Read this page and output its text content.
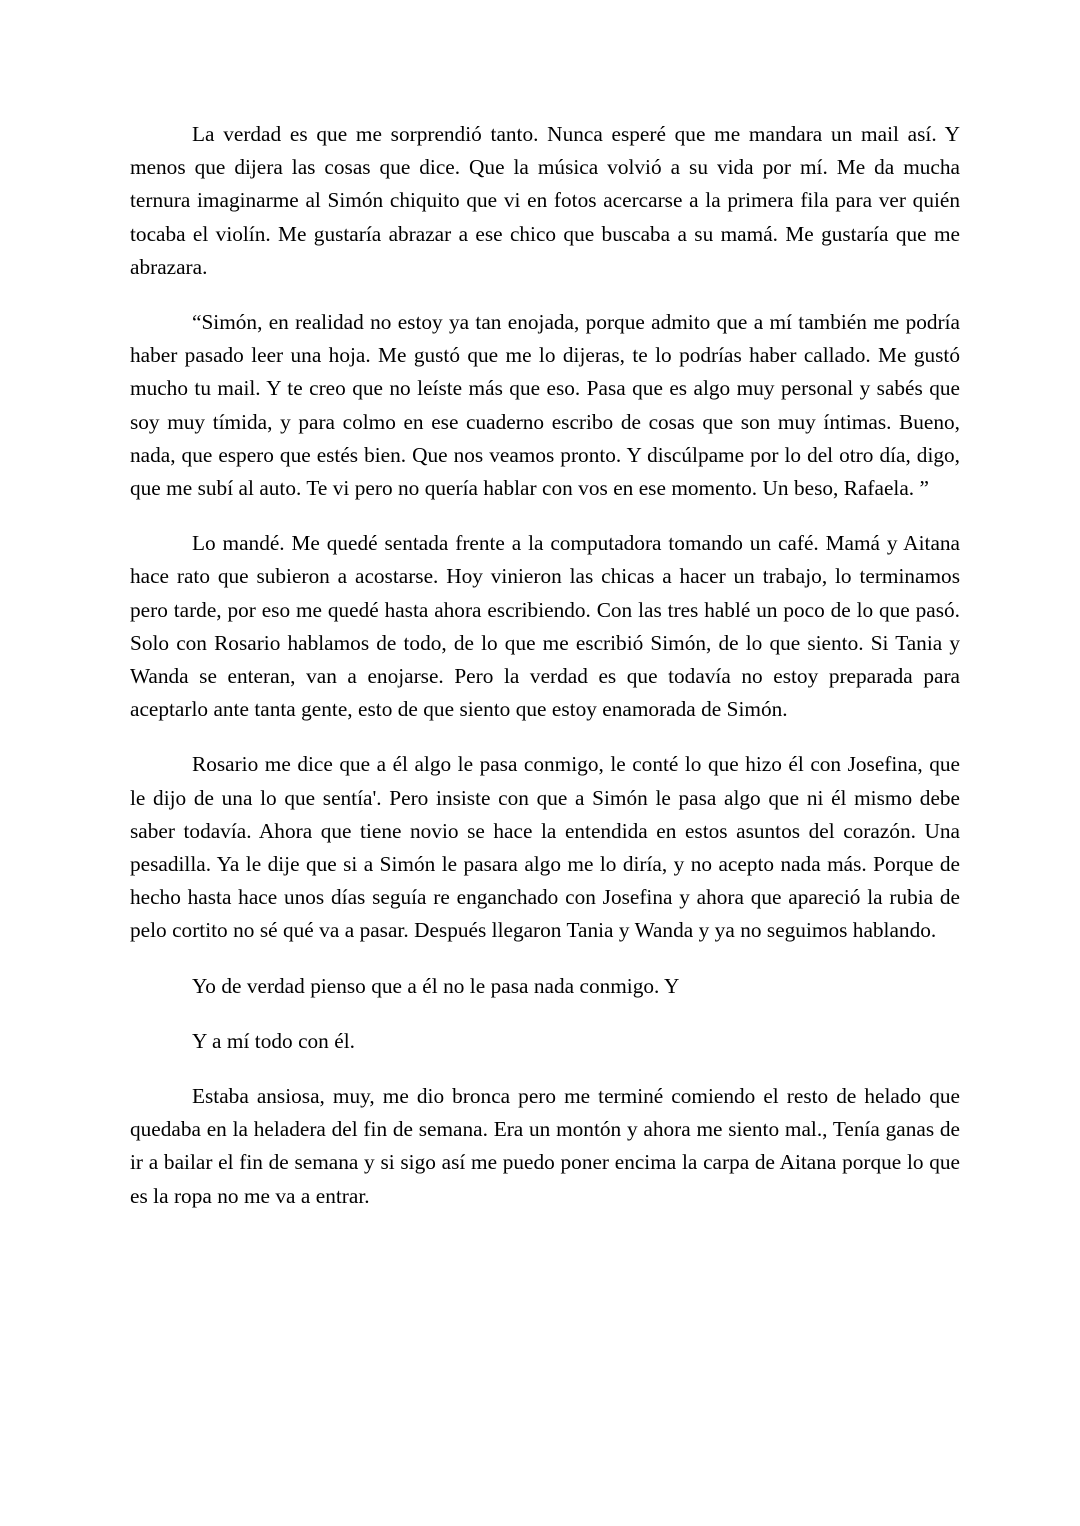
La verdad es que me sorprendió tanto. Nunca esperé que me mandara un mail así. Y menos que dijera las cosas que dice. Que la música volvió a su vida por mí. Me da mucha ternura imaginarme al Simón chiquito que vi en fotos acercarse a la primera fila para ver quién tocaba el violín. Me gustaría abrazar a ese chico que buscaba a su mamá. Me gustaría que me abrazara.

“Simón, en realidad no estoy ya tan enojada, porque admito que a mí también me podría haber pasado leer una hoja. Me gustó que me lo dijeras, te lo podrías haber callado. Me gustó mucho tu mail. Y te creo que no leíste más que eso. Pasa que es algo muy personal y sabés que soy muy tímida, y para colmo en ese cuaderno escribo de cosas que son muy íntimas. Bueno, nada, que espero que estés bien. Que nos veamos pronto. Y discúlpame por lo del otro día, digo, que me subí al auto. Te vi pero no quería hablar con vos en ese momento. Un beso, Rafaela. ”

Lo mandé. Me quedé sentada frente a la computadora tomando un café. Mamá y Aitana hace rato que subieron a acostarse. Hoy vinieron las chicas a hacer un trabajo, lo terminamos pero tarde, por eso me quedé hasta ahora escribiendo. Con las tres hablé un poco de lo que pasó. Solo con Rosario hablamos de todo, de lo que me escribió Simón, de lo que siento. Si Tania y Wanda se enteran, van a enojarse. Pero la verdad es que todavía no estoy preparada para aceptarlo ante tanta gente, esto de que siento que estoy enamorada de Simón.

Rosario me dice que a él algo le pasa conmigo, le conté lo que hizo él con Josefina, que le dijo de una lo que sentía'. Pero insiste con que a Simón le pasa algo que ni él mismo debe saber todavía. Ahora que tiene novio se hace la entendida en estos asuntos del corazón. Una pesadilla. Ya le dije que si a Simón le pasara algo me lo diría, y no acepto nada más. Porque de hecho hasta hace unos días seguía re enganchado con Josefina y ahora que apareció la rubia de pelo cortito no sé qué va a pasar. Después llegaron Tania y Wanda y ya no seguimos hablando.

Yo de verdad pienso que a él no le pasa nada conmigo. Y

Y a mí todo con él.

Estaba ansiosa, muy, me dio bronca pero me terminé comiendo el resto de helado que quedaba en la heladera del fin de semana. Era un montón y ahora me siento mal., Tenía ganas de ir a bailar el fin de semana y si sigo así me puedo poner encima la carpa de Aitana porque lo que es la ropa no me va a entrar.
